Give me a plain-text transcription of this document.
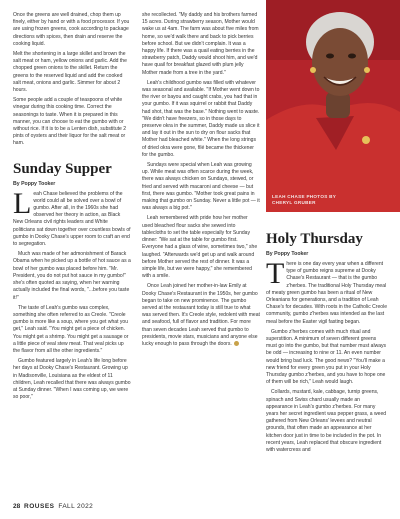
LEAH CHASE PHOTOS BY
CHERYL GRUBER

Once the greens are well drained, chop them up finely, either by hand or with a food processor. If you are using frozen greens, cook according to package directions with spices, then drain and reserve the cooking liquid.

Melt the shortening in a large skillet and brown the salt meat or ham, yellow onions and garlic. Add the chopped green onions to the skillet. Return the greens to the reserved liquid and add the cooked salt meat, onions and garlic. Simmer for about 2 hours.

Some people add a couple of teaspoons of white vinegar during this cooking time. Correct the seasonings to taste. When it is prepared in this manner, you can choose to eat the gumbo with or without rice. If it is to be a Lenten dish, substitute 2 pints of oysters and their liquor for the salt meat or ham.

Sunday Supper
By Poppy Tooker

Leah Chase believed the problems of the world could all be solved over a bowl of gumbo. After all, in the 1960s she had observed her theory in action, as Black New Orleans civil rights leaders and White politicians sat down together over countless bowls of gumbo in Dooky Chase's upper room to craft an end to segregation.

Much was made of her admonishment of Barack Obama when he picked up a bottle of hot sauce as a bowl of her gumbo was placed before him. "Mr. President, you do not put hot sauce in my gumbo!" she's often quoted as saying, when her warning actually included the final words, "...before you taste it!"

The taste of Leah's gumbo was complex, something she often referred to as Creole. "Creole gumbo is more like a soup, where you get what you get," Leah said. "You might get a piece of chicken. You might get a shrimp. You might get a sausage or a little piece of veal stew meat. That veal picks up the flavor from all the other ingredients."

Gumbo featured largely in Leah's life long before her days at Dooky Chase's Restaurant. Growing up in Madisonville, Louisiana as the eldest of 11 children, Leah recalled that there was always gumbo at Sunday dinner. "When I was coming up, we were so poor,"

she recollected. "My daddy and his brothers farmed 15 acres. During strawberry season, Mother would wake us at 4am. The farm was about five miles from home, so we'd walk there and back to pick berries before school. But we didn't complain. It was a happy life. If there was a quail eating berries in the strawberry patch, Daddy would shoot him, and we'd have quail for breakfast glazed with plum jelly Mother made from a tree in the yard."

Leah's childhood gumbo was filled with whatever was seasonal and available. "If Mother went down to the river or bayou and caught crabs, you had that in your gumbo. If it was squirrel or rabbit that Daddy had shot, that was the base." Nothing went to waste. "We didn't have freezers, so in those days to preserve okra in the summer, Daddy made us slice it and lay it out in the sun to dry on flour sacks that Mother had bleached white." When the long strings of dried okra were gone, filé became the thickener for the gumbo.

Sundays were special when Leah was growing up. While meat was often scarce during the week, there was always chicken on Sundays, stewed, or fried and served with macaroni and cheese — but first, there was gumbo. "Mother took great pains in making that gumbo on Sunday. Never a little pot — it was always a big pot."

Leah remembered with pride how her mother used bleached flour sacks she sewed into tablecloths to set the table especially for Sunday dinner: "We sat at the table for gumbo first. Everyone had a glass of wine, sometimes two," she laughed. "Afterwards we'd get up and walk around before Mother served the rest of dinner. It was a simple life, but we were happy," she remembered with a smile.

Once Leah joined her mother-in-law Emily at Dooky Chase's Restaurant in the 1950s, her gumbo began to take on new prominence. The gumbo served at the restaurant today is still true to what was served then. It's Creole style, redolent with meat and seafood, full of flavor and tradition. For more than seven decades Leah served that gumbo to presidents, movie stars, musicians and anyone else lucky enough to pass through the doors.

Holy Thursday
By Poppy Tooker

There is one day every year when a different type of gumbo reigns supreme at Dooky Chase's Restaurant — that is the gumbo z'herbes. The traditional Holy Thursday meal of meaty green gumbo has been a ritual of New Orleanians for generations, and a tradition of Leah Chase's for decades. With roots in the Catholic Creole community, gumbo z'herbes was intended as the last meal before the Easter vigil fasting began.

Gumbo z'herbes comes with much ritual and superstition. A minimum of seven different greens must go into the gumbo, but that number must always be odd — increasing to nine or 11. An even number would bring bad luck. The good news? "You'll make a new friend for every green you put in your Holy Thursday gumbo z'herbes, and you have to hope one of them will be rich," Leah would laugh.

Collards, mustard, kale, cabbage, turnip greens, spinach and Swiss chard usually made an appearance in Leah's gumbo z'herbes. For many years her secret ingredient was pepper grass, a weed gathered from New Orleans' levees and neutral grounds, that often made an appearance at her kitchen door just in time to be included in the pot. In recent years, Leah replaced that obscure ingredient with watercress and

28 ROUSES FALL 2022
